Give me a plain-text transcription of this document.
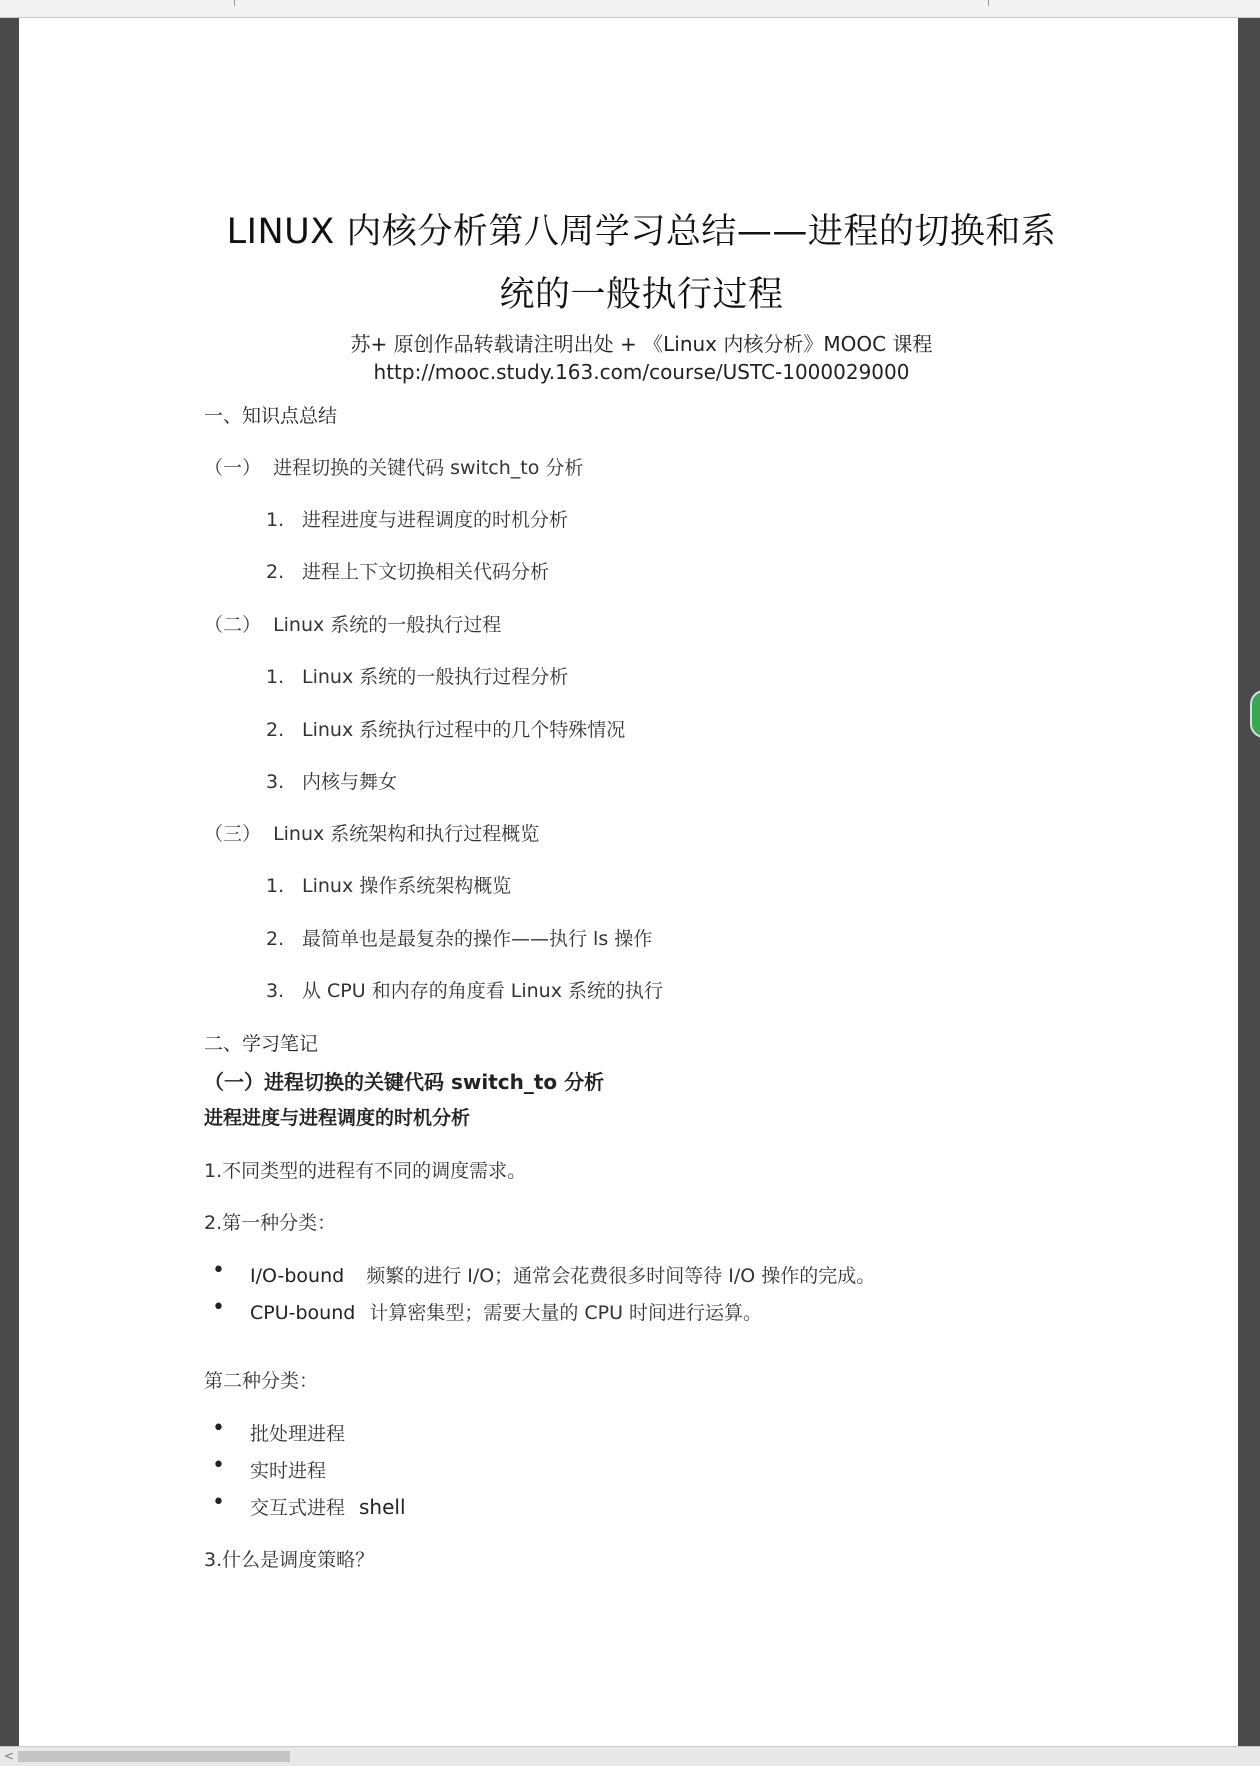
LINUX 内核分析第八周学习总结——进程的切换和系
统的一般执行过程
苏+ 原创作品转载请注明出处 + 《Linux 内核分析》MOOC 课程
http://mooc.study.163.com/course/USTC-1000029000
一、知识点总结
（一） 进程切换的关键代码 switch_to 分析
1. 进程进度与进程调度的时机分析
2. 进程上下文切换相关代码分析
（二） Linux 系统的一般执行过程
1. Linux 系统的一般执行过程分析
2. Linux 系统执行过程中的几个特殊情况
3. 内核与舞女
（三） Linux 系统架构和执行过程概览
1. Linux 操作系统架构概览
2. 最简单也是最复杂的操作——执行 ls 操作
3. 从 CPU 和内存的角度看 Linux 系统的执行
二、学习笔记
（一）进程切换的关键代码 switch_to 分析
进程进度与进程调度的时机分析
1.不同类型的进程有不同的调度需求。
2.第一种分类：
• I/O-bound 频繁的进行 I/O；通常会花费很多时间等待 I/O 操作的完成。
• CPU-bound 计算密集型；需要大量的 CPU 时间进行运算。
第二种分类：
• 批处理进程
• 实时进程
• 交互式进程 shell
3.什么是调度策略？
<
